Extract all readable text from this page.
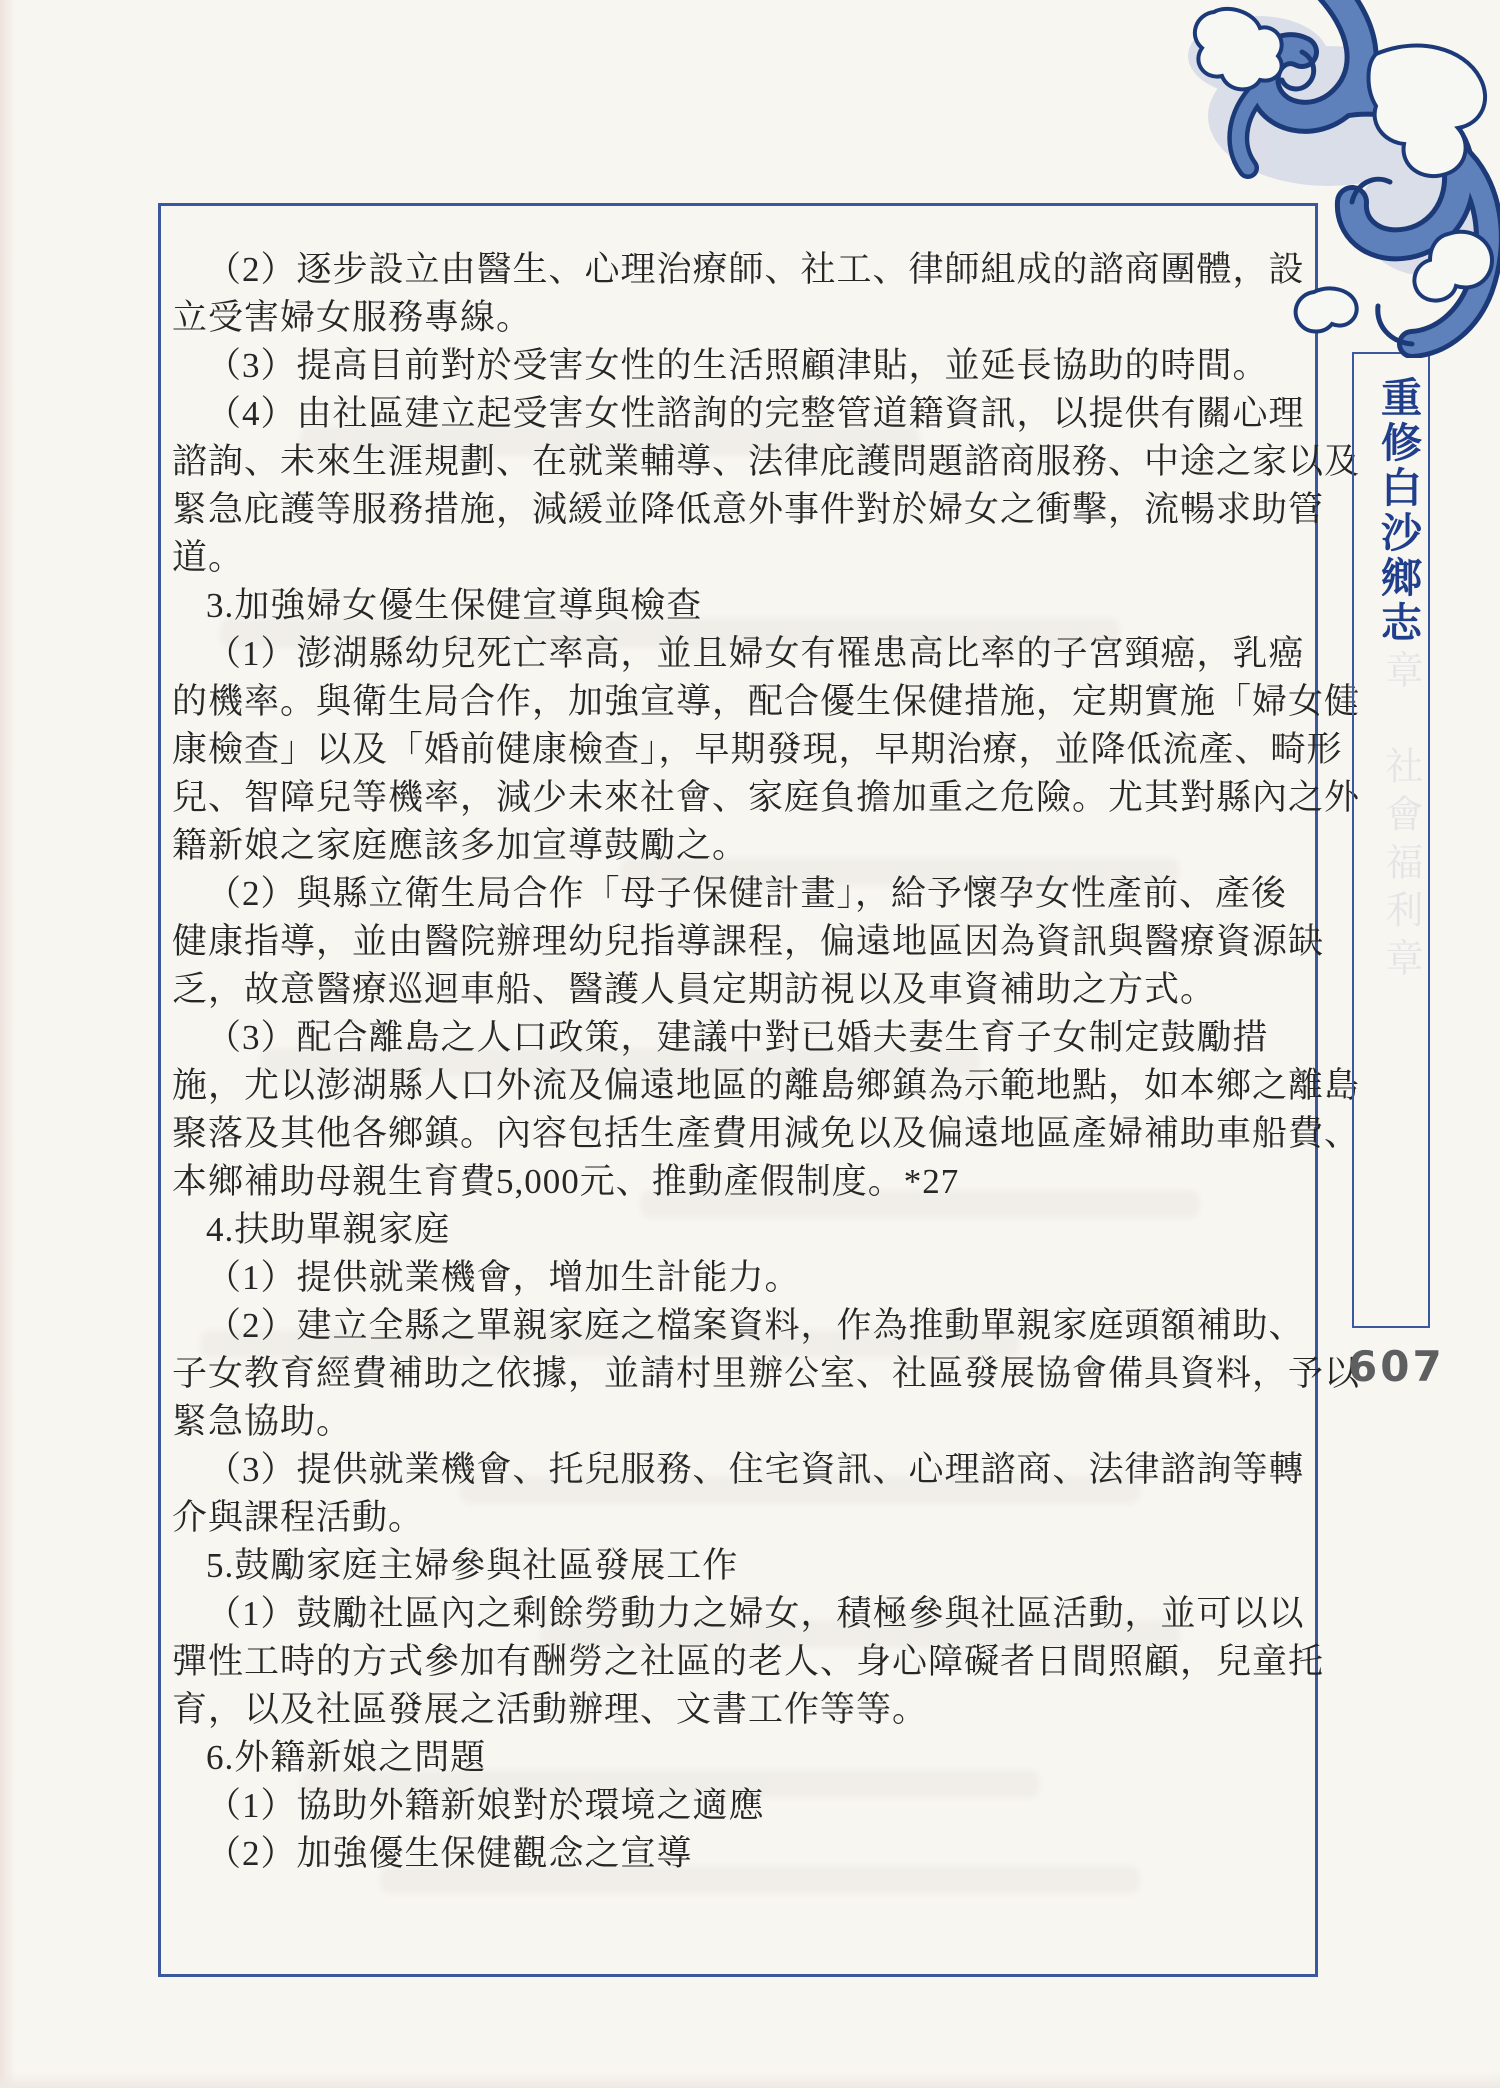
（2）逐步設立由醫生、心理治療師、社工、律師組成的諮商團體，設
立受害婦女服務專線。
（3）提高目前對於受害女性的生活照顧津貼，並延長協助的時間。
（4）由社區建立起受害女性諮詢的完整管道籍資訊，以提供有關心理
諮詢、未來生涯規劃、在就業輔導、法律庇護問題諮商服務、中途之家以及
緊急庇護等服務措施，減緩並降低意外事件對於婦女之衝擊，流暢求助管
道。
3.加強婦女優生保健宣導與檢查
（1）澎湖縣幼兒死亡率高，並且婦女有罹患高比率的子宮頸癌，乳癌
的機率。與衛生局合作，加強宣導，配合優生保健措施，定期實施「婦女健
康檢查」以及「婚前健康檢查」，早期發現，早期治療，並降低流產、畸形
兒、智障兒等機率，減少未來社會、家庭負擔加重之危險。尤其對縣內之外
籍新娘之家庭應該多加宣導鼓勵之。
（2）與縣立衛生局合作「母子保健計畫」，給予懷孕女性產前、產後
健康指導，並由醫院辦理幼兒指導課程，偏遠地區因為資訊與醫療資源缺
乏，故意醫療巡迴車船、醫護人員定期訪視以及車資補助之方式。
（3）配合離島之人口政策，建議中對已婚夫妻生育子女制定鼓勵措
施，尤以澎湖縣人口外流及偏遠地區的離島鄉鎮為示範地點，如本鄉之離島
聚落及其他各鄉鎮。內容包括生產費用減免以及偏遠地區產婦補助車船費、
本鄉補助母親生育費5,000元、推動產假制度。*27
4.扶助單親家庭
（1）提供就業機會，增加生計能力。
（2）建立全縣之單親家庭之檔案資料，作為推動單親家庭頭額補助、
子女教育經費補助之依據，並請村里辦公室、社區發展協會備具資料，予以
緊急協助。
（3）提供就業機會、托兒服務、住宅資訊、心理諮商、法律諮詢等轉
介與課程活動。
5.鼓勵家庭主婦參與社區發展工作
（1）鼓勵社區內之剩餘勞動力之婦女，積極參與社區活動，並可以以
彈性工時的方式參加有酬勞之社區的老人、身心障礙者日間照顧，兒童托
育，以及社區發展之活動辦理、文書工作等等。
6.外籍新娘之問題
（1）協助外籍新娘對於環境之適應
（2）加強優生保健觀念之宣導
重修白沙鄉志
章　社會福利章
607
